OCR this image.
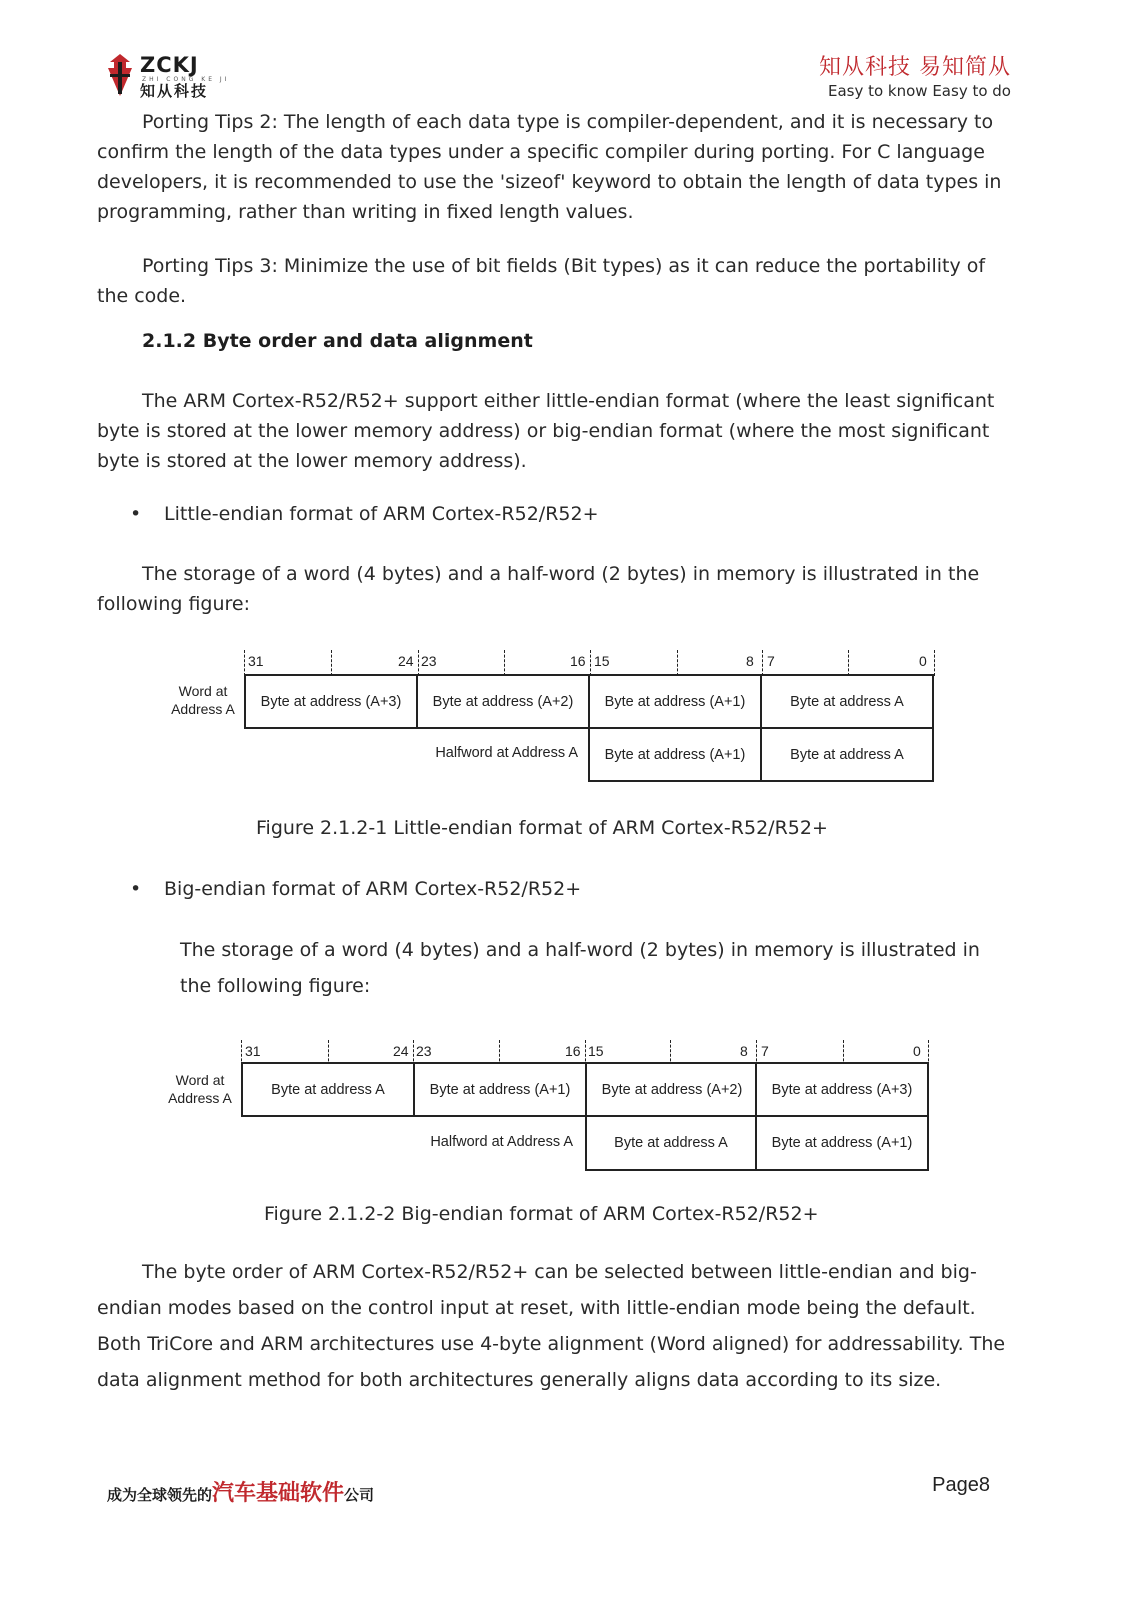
ZCKJ
ZHI CONG KE JI
知从科技
知从科技 易知简从
Easy to know Easy to do

Porting Tips 2: The length of each data type is compiler-dependent, and it is necessary to confirm the length of the data types under a specific compiler during porting. For C language developers, it is recommended to use the 'sizeof' keyword to obtain the length of data types in programming, rather than writing in fixed length values.

Porting Tips 3: Minimize the use of bit fields (Bit types) as it can reduce the portability of the code.

2.1.2 Byte order and data alignment

The ARM Cortex-R52/R52+ support either little-endian format (where the least significant byte is stored at the lower memory address) or big-endian format (where the most significant byte is stored at the lower memory address).

• Little-endian format of ARM Cortex-R52/R52+

The storage of a word (4 bytes) and a half-word (2 bytes) in memory is illustrated in the following figure:

31	24 23	16 15	8 7	0
Word at
Address A	Byte at address (A+3)	Byte at address (A+2)	Byte at address (A+1)	Byte at address A
Halfword at Address A	Byte at address (A+1)	Byte at address A
Figure 2.1.2-1 Little-endian format of ARM Cortex-R52/R52+
• Big-endian format of ARM Cortex-R52/R52+

The storage of a word (4 bytes) and a half-word (2 bytes) in memory is illustrated in the following figure:

31	24 23	16 15	8 7	0
Word at
Address A
Byte at address A	Byte at address (A+1)	Byte at address (A+2)	Byte at address (A+3)
Halfword at Address A	Byte at address A	Byte at address (A+1)
Figure 2.1.2-2 Big-endian format of ARM Cortex-R52/R52+

The byte order of ARM Cortex-R52/R52+ can be selected between little-endian and big-endian modes based on the control input at reset, with little-endian mode being the default. Both TriCore and ARM architectures use 4-byte alignment (Word aligned) for addressability. The data alignment method for both architectures generally aligns data according to its size.

成为全球领先的汽车基础软件公司	Page8
